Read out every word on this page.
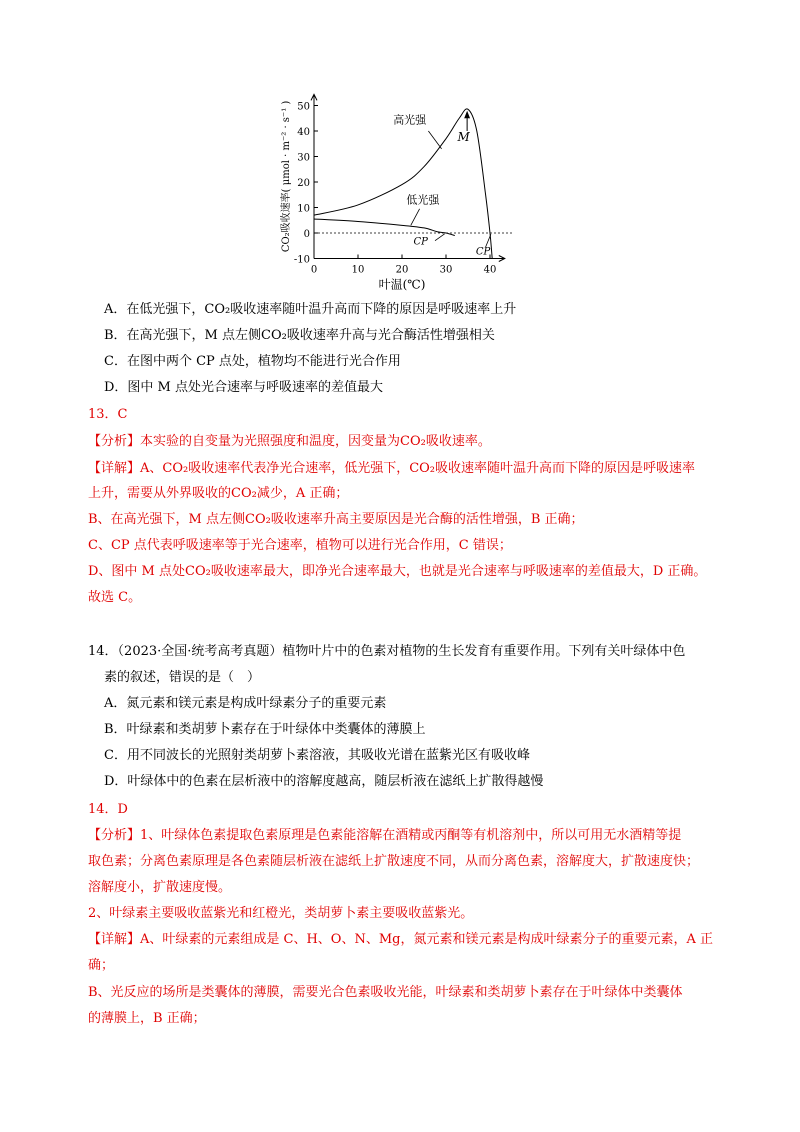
-10
0
10
20
30
40
50
0	10	20	30	40
叶温(℃)
CO₂吸收速率( μmol · m⁻² · s⁻¹ )	高光强
低光强
M
CP
CP
A．在低光强下，CO₂吸收速率随叶温升高而下降的原因是呼吸速率上升
B．在高光强下，M 点左侧CO₂吸收速率升高与光合酶活性增强相关
C．在图中两个 CP 点处，植物均不能进行光合作用
D．图中 M 点处光合速率与呼吸速率的差值最大
13．C
【分析】本实验的自变量为光照强度和温度，因变量为CO₂吸收速率。
【详解】A、CO₂吸收速率代表净光合速率，低光强下，CO₂吸收速率随叶温升高而下降的原因是呼吸速率
上升，需要从外界吸收的CO₂减少，A 正确；
B、在高光强下，M 点左侧CO₂吸收速率升高主要原因是光合酶的活性增强，B 正确；
C、CP 点代表呼吸速率等于光合速率，植物可以进行光合作用，C 错误；
D、图中 M 点处CO₂吸收速率最大，即净光合速率最大，也就是光合速率与呼吸速率的差值最大，D 正确。
故选 C。
14．（2023·全国·统考高考真题）植物叶片中的色素对植物的生长发育有重要作用。下列有关叶绿体中色
素的叙述，错误的是（　）
A．氮元素和镁元素是构成叶绿素分子的重要元素
B．叶绿素和类胡萝卜素存在于叶绿体中类囊体的薄膜上
C．用不同波长的光照射类胡萝卜素溶液，其吸收光谱在蓝紫光区有吸收峰
D．叶绿体中的色素在层析液中的溶解度越高，随层析液在滤纸上扩散得越慢
14．D
【分析】1、叶绿体色素提取色素原理是色素能溶解在酒精或丙酮等有机溶剂中，所以可用无水酒精等提
取色素；分离色素原理是各色素随层析液在滤纸上扩散速度不同，从而分离色素，溶解度大，扩散速度快；
溶解度小，扩散速度慢。
2、叶绿素主要吸收蓝紫光和红橙光，类胡萝卜素主要吸收蓝紫光。
【详解】A、叶绿素的元素组成是 C、H、O、N、Mg，氮元素和镁元素是构成叶绿素分子的重要元素，A 正
确；
B、光反应的场所是类囊体的薄膜，需要光合色素吸收光能，叶绿素和类胡萝卜素存在于叶绿体中类囊体
的薄膜上，B 正确；
